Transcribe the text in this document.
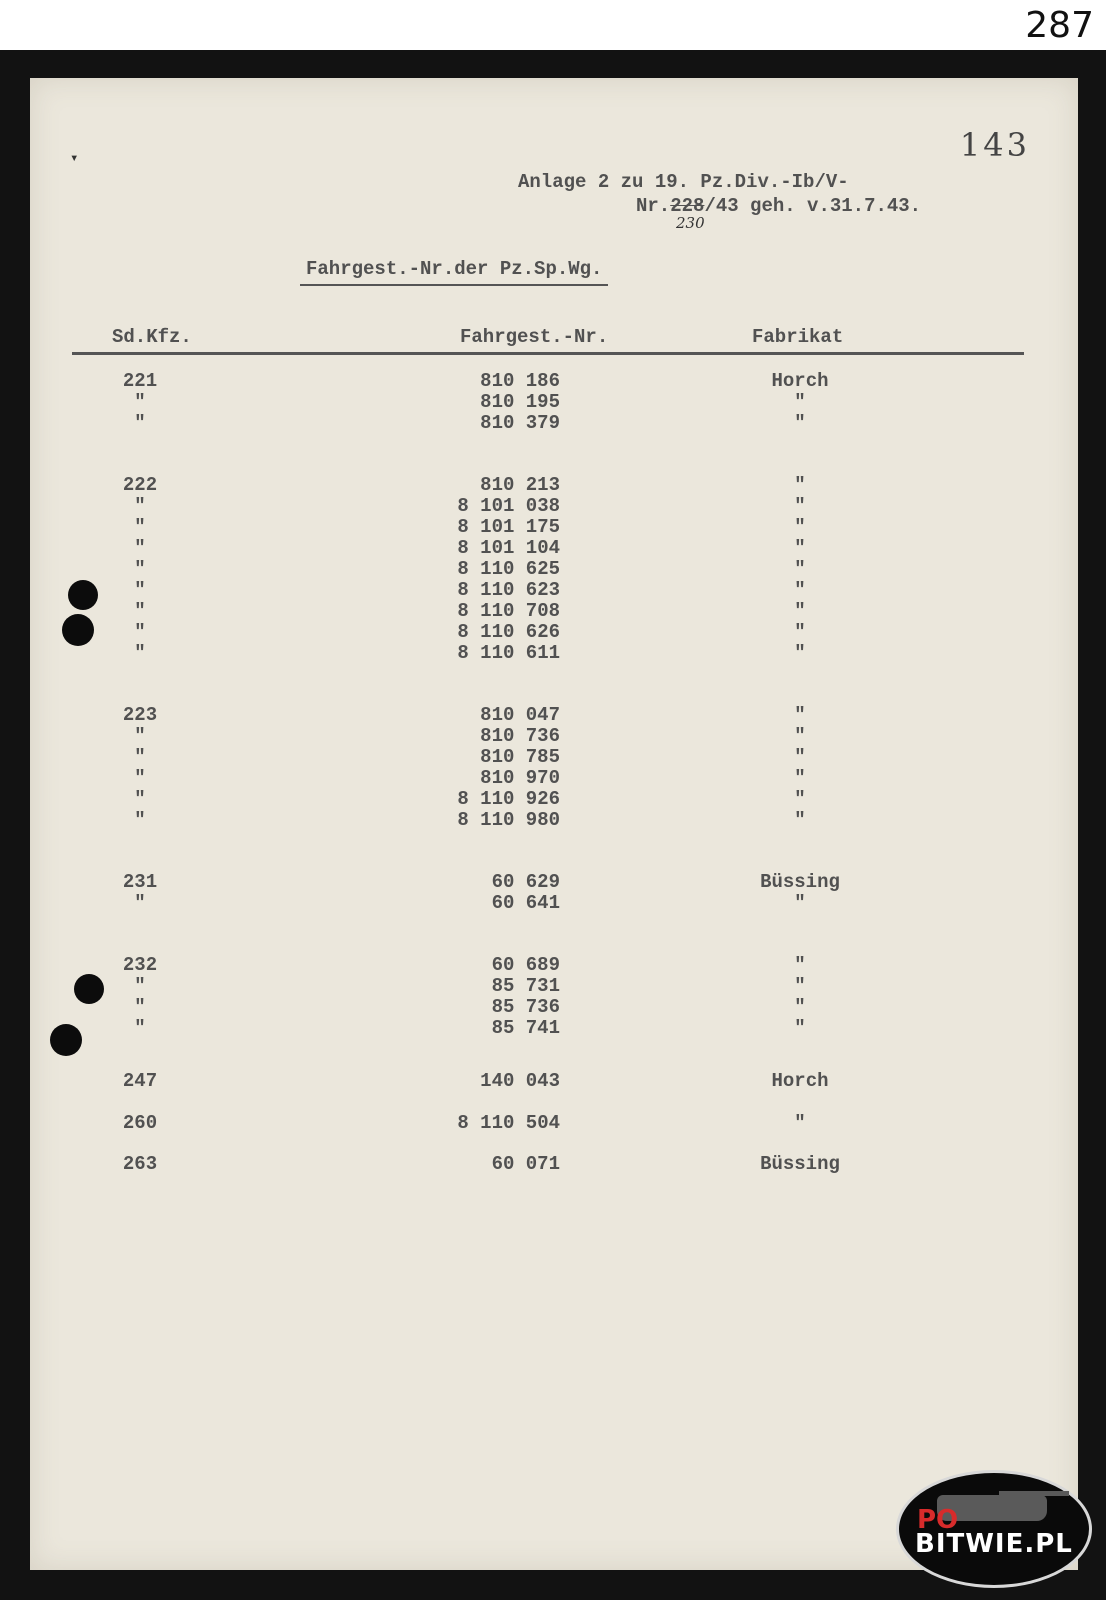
287
▾	143
Anlage 2 zu 19. Pz.Div.-Ib/V-
Nr.228/43 geh. v.31.7.43.
230
Fahrgest.-Nr.der Pz.Sp.Wg.
Sd.Kfz.	Fahrgest.-Nr.	Fabrikat
221	810 186	Horch
"	810 195	"
"	810 379	"
222	810 213	"
"	8 101 038	"
"	8 101 175	"
"	8 101 104	"
"	8 110 625	"
"	8 110 623	"
"	8 110 708	"
"	8 110 626	"
"	8 110 611	"
223	810 047	"
"	810 736	"
"	810 785	"
"	810 970	"
"	8 110 926	"
"	8 110 980	"
231	60 629	Büssing
"	60 641	"
232	60 689	"
"	85 731	"
"	85 736	"
"	85 741	"
247	140 043	Horch
260	8 110 504	"
263	60 071	Büssing
PO
BITWIE.PL
